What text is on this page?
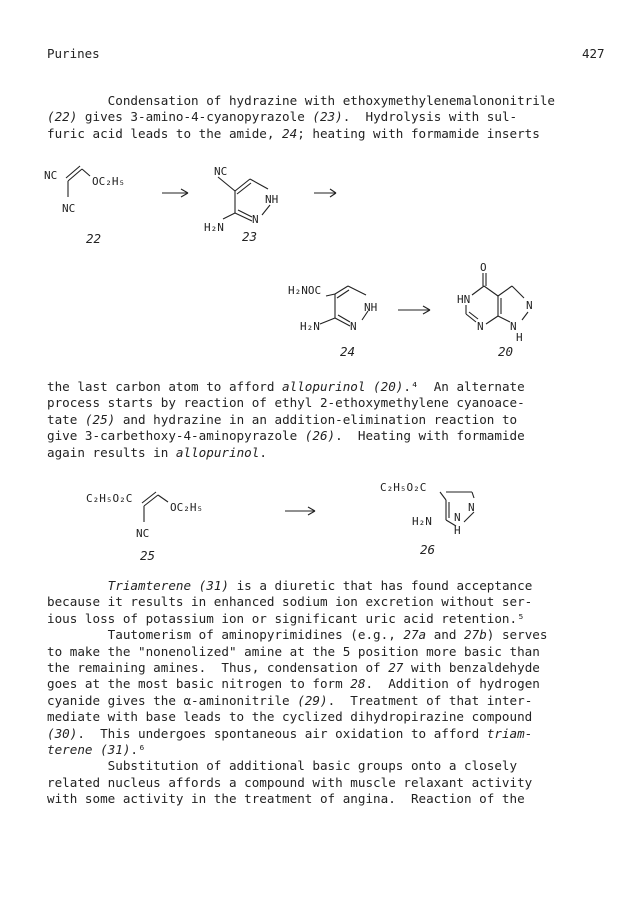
Purines	427
Condensation of hydrazine with ethoxymethylenemalononitrile
(22) gives 3-amino-4-cyanopyrazole (23).  Hydrolysis with sul-
furic acid leads to the amide, 24; heating with formamide inserts
NC	OC₂H₅
NC
22
NC
NH
N
H₂N
23
H₂NOC
NH
N
H₂N
24
O
HN	N
N N
H
20
the last carbon atom to afford allopurinol (20).⁴  An alternate
process starts by reaction of ethyl 2-ethoxymethylene cyanoace-
tate (25) and hydrazine in an addition-elimination reaction to
give 3-carbethoxy-4-aminopyrazole (26).  Heating with formamide
again results in allopurinol.
C₂H₅O₂C
OC₂H₅
NC
25
C₂H₅O₂C
N
N
H₂N
H
26
Triamterene (31) is a diuretic that has found acceptance
because it results in enhanced sodium ion excretion without ser-
ious loss of potassium ion or significant uric acid retention.⁵
Tautomerism of aminopyrimidines (e.g., 27a and 27b) serves
to make the "nonenolized" amine at the 5 position more basic than
the remaining amines.  Thus, condensation of 27 with benzaldehyde
goes at the most basic nitrogen to form 28.  Addition of hydrogen
cyanide gives the α-aminonitrile (29).  Treatment of that inter-
mediate with base leads to the cyclized dihydropirazine compound
(30).  This undergoes spontaneous air oxidation to afford triam-
terene (31).⁶
Substitution of additional basic groups onto a closely
related nucleus affords a compound with muscle relaxant activity
with some activity in the treatment of angina.  Reaction of the
